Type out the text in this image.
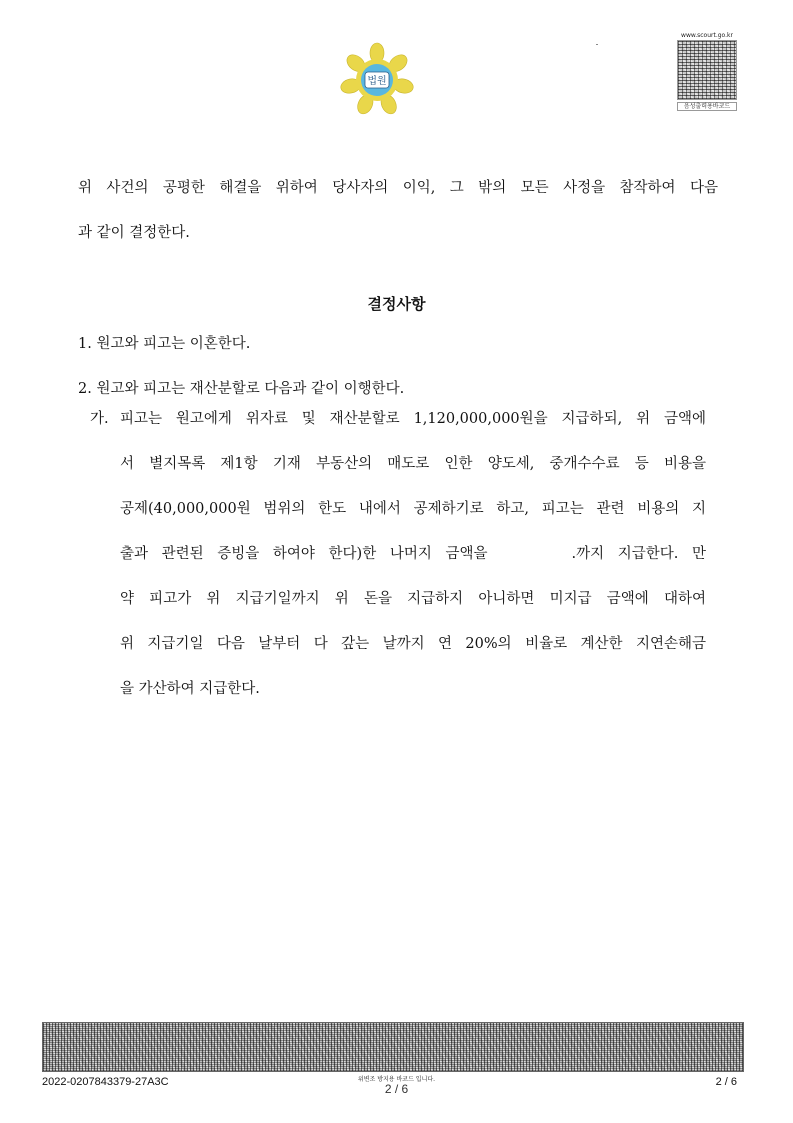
법원
www.scourt.go.kr
음성출력용바코드

위 사건의 공평한 해결을 위하여 당사자의 이익, 그 밖의 모든 사정을 참작하여 다음

과 같이 결정한다.

결정사항

1. 원고와 피고는 이혼한다.

2. 원고와 피고는 재산분할로 다음과 같이 이행한다.

가. 피고는 원고에게 위자료 및 재산분할로 1,120,000,000원을 지급하되, 위 금액에

서 별지목록 제1항 기재 부동산의 매도로 인한 양도세, 중개수수료 등 비용을

공제(40,000,000원 범위의 한도 내에서 공제하기로 하고, 피고는 관련 비용의 지

출과 관련된 증빙을 하여야 한다)한 나머지 금액을	.까지 지급한다. 만

약 피고가 위 지급기일까지 위 돈을 지급하지 아니하면 미지급 금액에 대하여

위 지급기일 다음 날부터 다 갚는 날까지 연 20%의 비율로 계산한 지연손해금

을 가산하여 지급한다.

2022-0207843379-27A3C	위변조 방지용 바코드 입니다.
2 / 6	2 / 6
